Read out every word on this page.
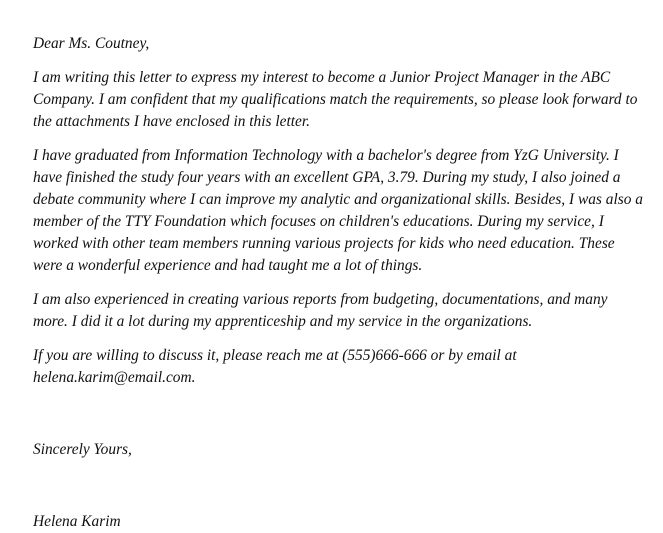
Dear Ms. Coutney,

I am writing this letter to express my interest to become a Junior Project Manager in the ABC Company. I am confident that my qualifications match the requirements, so please look forward to the attachments I have enclosed in this letter.

I have graduated from Information Technology with a bachelor's degree from YzG University. I have finished the study four years with an excellent GPA, 3.79. During my study, I also joined a debate community where I can improve my analytic and organizational skills. Besides, I was also a member of the TTY Foundation which focuses on children's educations. During my service, I worked with other team members running various projects for kids who need education. These were a wonderful experience and had taught me a lot of things.

I am also experienced in creating various reports from budgeting, documentations, and many more. I did it a lot during my apprenticeship and my service in the organizations.

If you are willing to discuss it, please reach me at (555)666-666 or by email at helena.karim@email.com.

Sincerely Yours,

Helena Karim
